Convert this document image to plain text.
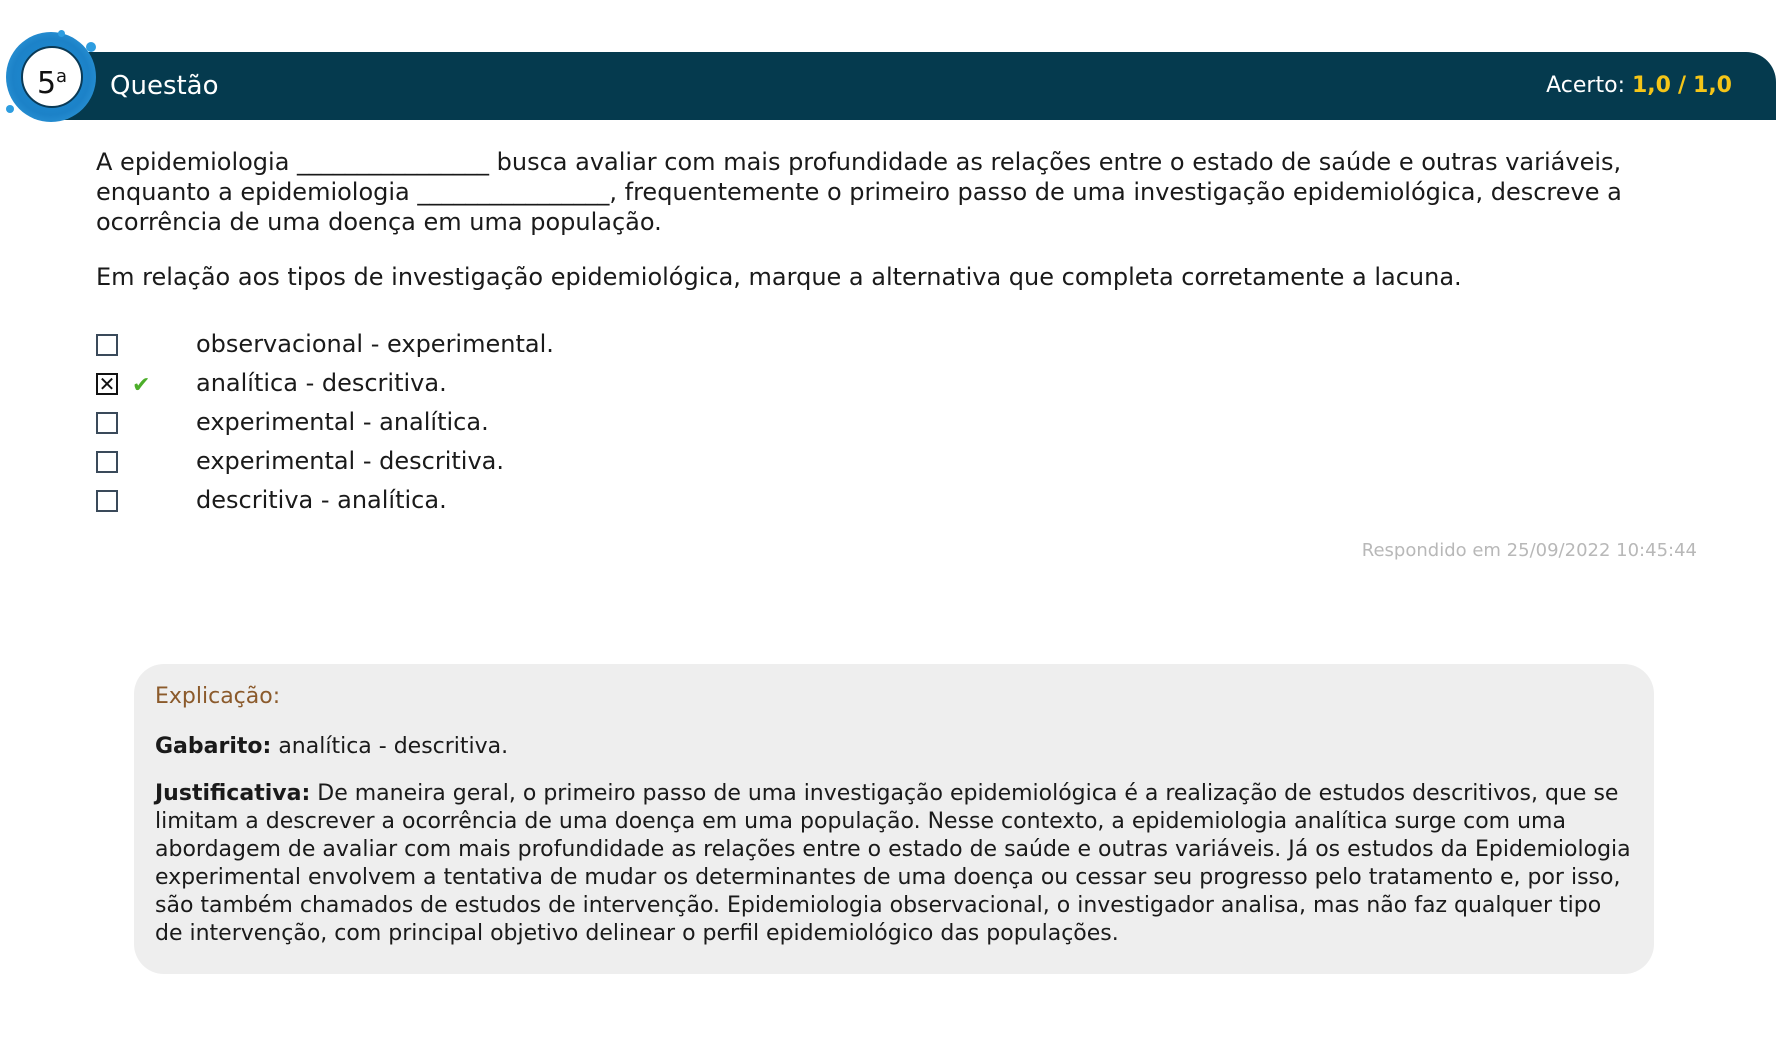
Questão	Acerto: 1,0 / 1,0
5$^a$
A epidemiologia ________________ busca avaliar com mais profundidade as relações entre o estado de saúde e outras variáveis, enquanto a epidemiologia ________________, frequentemente o primeiro passo de uma investigação epidemiológica, descreve a ocorrência de uma doença em uma população.
Em relação aos tipos de investigação epidemiológica, marque a alternativa que completa corretamente a lacuna.
observacional - experimental.
✕ ✔ analítica - descritiva.
experimental - analítica.
experimental - descritiva.
descritiva - analítica.
Respondido em 25/09/2022 10:45:44

Explicação:

Gabarito: analítica - descritiva.

Justificativa: De maneira geral, o primeiro passo de uma investigação epidemiológica é a realização de estudos descritivos, que se limitam a descrever a ocorrência de uma doença em uma população. Nesse contexto, a epidemiologia analítica surge com uma abordagem de avaliar com mais profundidade as relações entre o estado de saúde e outras variáveis. Já os estudos da Epidemiologia experimental envolvem a tentativa de mudar os determinantes de uma doença ou cessar seu progresso pelo tratamento e, por isso, são também chamados de estudos de intervenção. Epidemiologia observacional, o investigador analisa, mas não faz qualquer tipo de intervenção, com principal objetivo delinear o perfil epidemiológico das populações.
